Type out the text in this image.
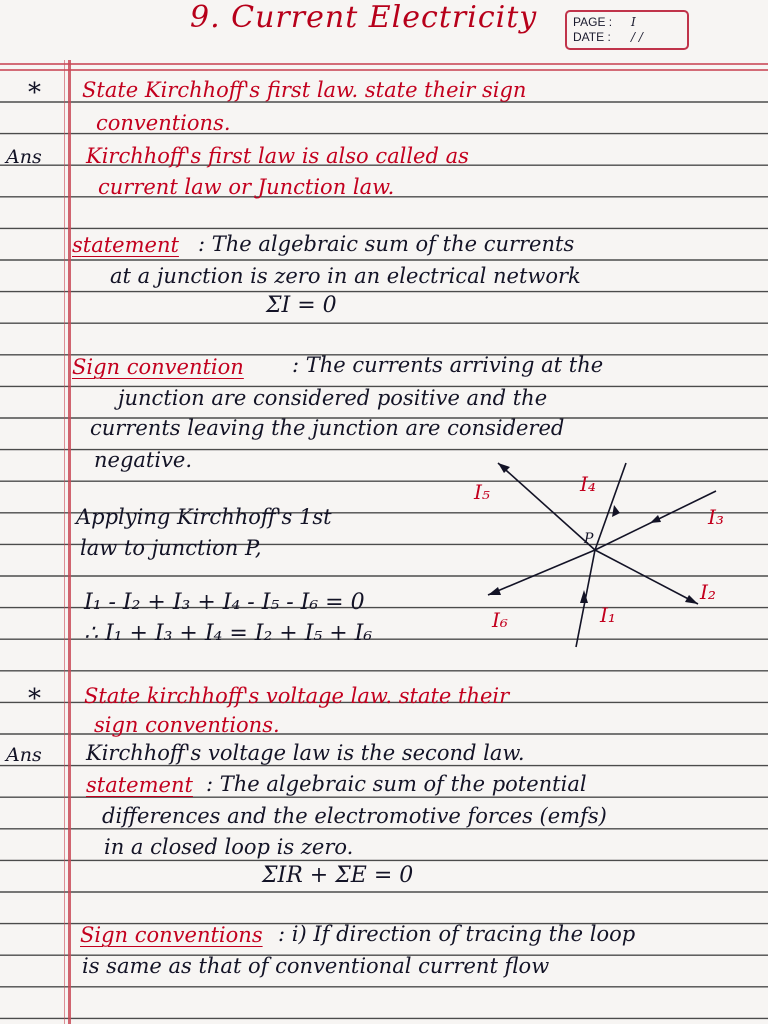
9. Current Electricity	PAGE : I
DATE : / /
* State Kirchhoff's first law. state their sign
conventions.
Ans Kirchhoff's first law is also called as
current law or Junction law.
statement : The algebraic sum of the currents
at a junction is zero in an electrical network
ΣI = 0
Sign convention : The currents arriving at the
junction are considered positive and the
currents leaving the junction are considered
negative.
Applying Kirchhoff's 1st
law to junction P,
I₁ - I₂ + I₃ + I₄ - I₅ - I₆ = 0
∴ I₁ + I₃ + I₄ = I₂ + I₅ + I₆
P
I₁
I₂
I₃
I₄
I₅
I₆
* State kirchhoff's voltage law. state their
sign conventions.
Ans Kirchhoff's voltage law is the second law.
statement : The algebraic sum of the potential
differences and the electromotive forces (emfs)
in a closed loop is zero.
ΣIR + ΣE = 0
Sign conventions : i) If direction of tracing the loop
is same as that of conventional current flow
